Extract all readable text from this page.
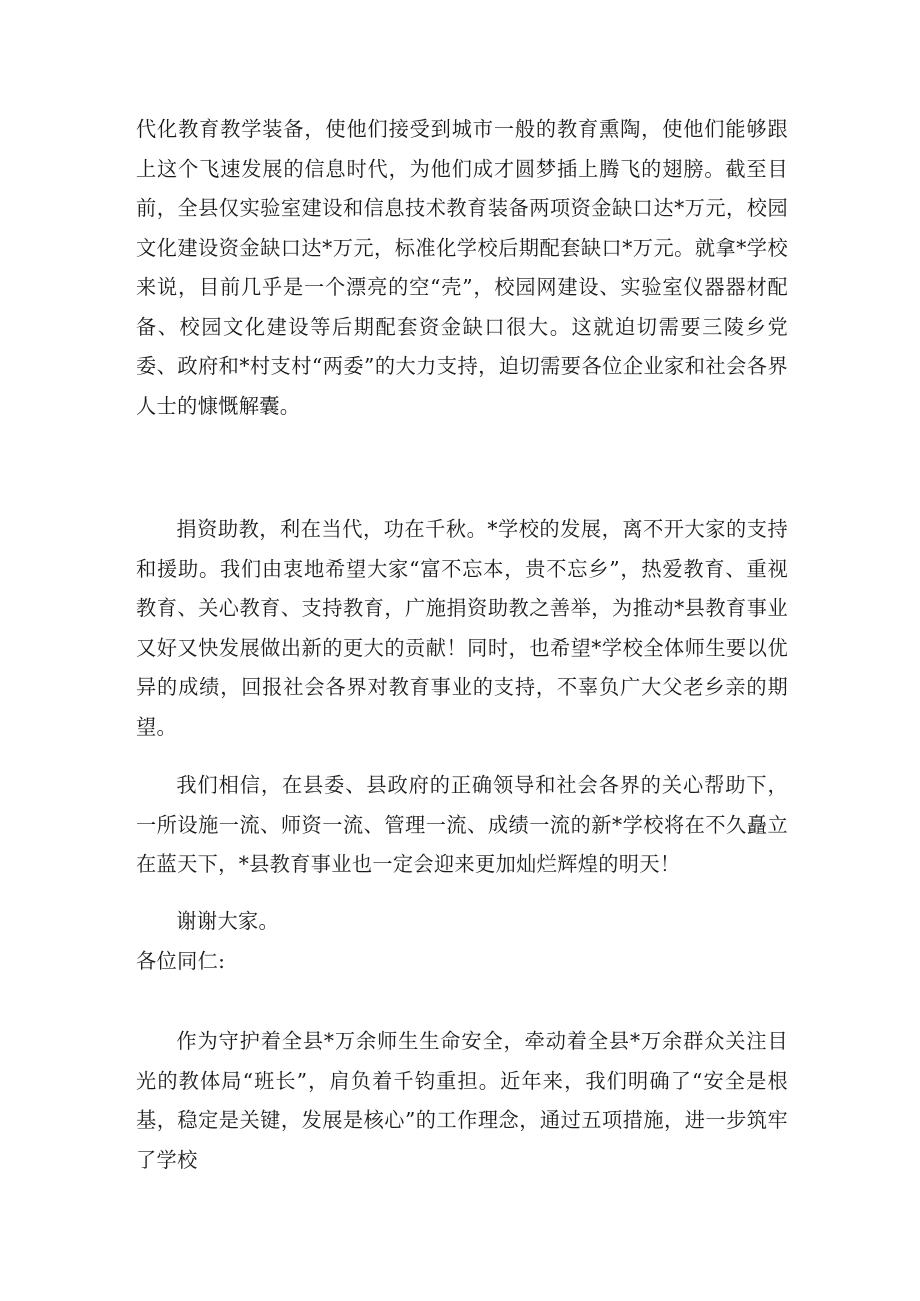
代化教育教学装备，使他们接受到城市一般的教育熏陶，使他们能够跟上这个飞速发展的信息时代，为他们成才圆梦插上腾飞的翅膀。截至目前，全县仅实验室建设和信息技术教育装备两项资金缺口达*万元，校园文化建设资金缺口达*万元，标准化学校后期配套缺口*万元。就拿*学校来说，目前几乎是一个漂亮的空“壳”，校园网建设、实验室仪器器材配备、校园文化建设等后期配套资金缺口很大。这就迫切需要三陵乡党委、政府和*村支村“两委”的大力支持，迫切需要各位企业家和社会各界人士的慷慨解囊。

捐资助教，利在当代，功在千秋。*学校的发展，离不开大家的支持和援助。我们由衷地希望大家“富不忘本，贵不忘乡”，热爱教育、重视教育、关心教育、支持教育，广施捐资助教之善举，为推动*县教育事业又好又快发展做出新的更大的贡献！同时，也希望*学校全体师生要以优异的成绩，回报社会各界对教育事业的支持，不辜负广大父老乡亲的期望。

我们相信，在县委、县政府的正确领导和社会各界的关心帮助下，一所设施一流、师资一流、管理一流、成绩一流的新*学校将在不久矗立在蓝天下，*县教育事业也一定会迎来更加灿烂辉煌的明天！

谢谢大家。

各位同仁:

作为守护着全县*万余师生生命安全，牵动着全县*万余群众关注目光的教体局“班长”，肩负着千钧重担。近年来，我们明确了“安全是根基，稳定是关键，发展是核心”的工作理念，通过五项措施，进一步筑牢了学校
